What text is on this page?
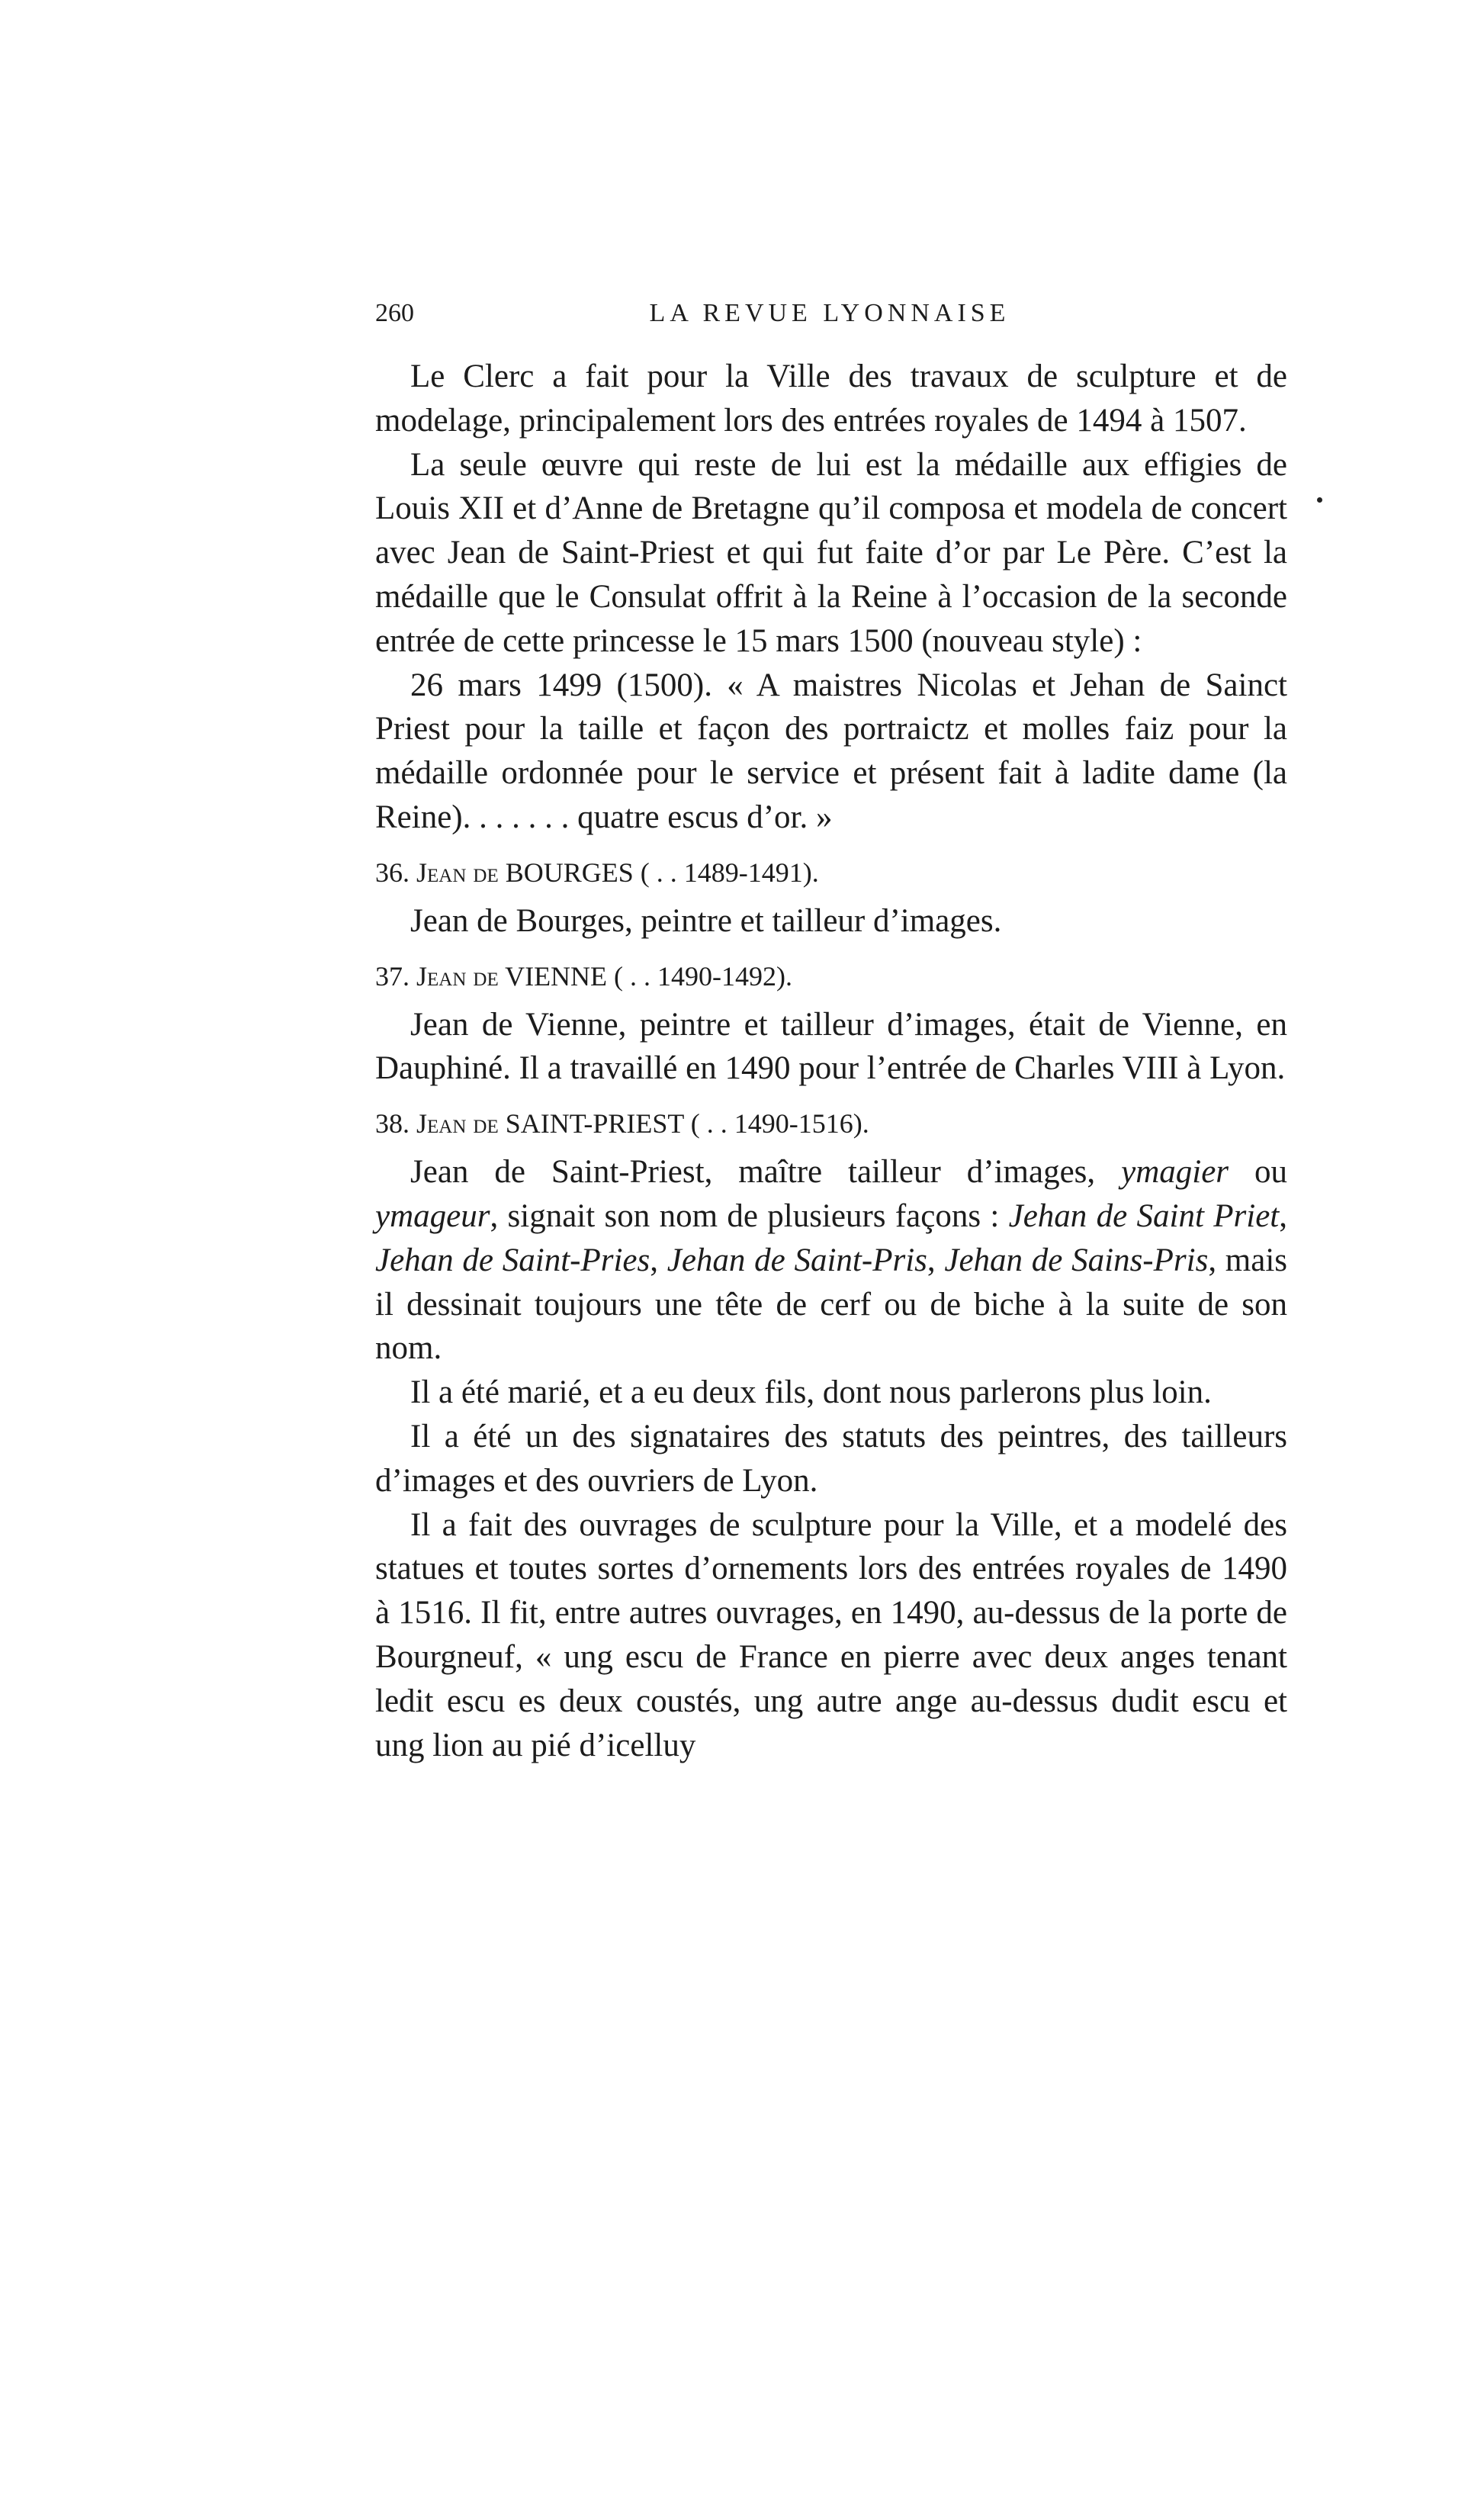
260	LA REVUE LYONNAISE

Le Clerc a fait pour la Ville des travaux de sculpture et de modelage, principalement lors des entrées royales de 1494 à 1507.

La seule œuvre qui reste de lui est la médaille aux effigies de Louis XII et d’Anne de Bretagne qu’il composa et modela de concert avec Jean de Saint-Priest et qui fut faite d’or par Le Père. C’est la médaille que le Consulat offrit à la Reine à l’occasion de la seconde entrée de cette princesse le 15 mars 1500 (nouveau style) :

26 mars 1499 (1500). « A maistres Nicolas et Jehan de Sainct Priest pour la taille et façon des portraictz et molles faiz pour la médaille ordonnée pour le service et présent fait à ladite dame (la Reine). . . . . . . quatre escus d’or. »

36. Jean de BOURGES ( . . 1489-1491).

Jean de Bourges, peintre et tailleur d’images.

37. Jean de VIENNE ( . . 1490-1492).

Jean de Vienne, peintre et tailleur d’images, était de Vienne, en Dauphiné. Il a travaillé en 1490 pour l’entrée de Charles VIII à Lyon.

38. Jean de SAINT-PRIEST ( . . 1490-1516).

Jean de Saint-Priest, maître tailleur d’images, ymagier ou ymageur, signait son nom de plusieurs façons : Jehan de Saint Priet, Jehan de Saint-Pries, Jehan de Saint-Pris, Jehan de Sains-Pris, mais il dessinait toujours une tête de cerf ou de biche à la suite de son nom.

Il a été marié, et a eu deux fils, dont nous parlerons plus loin.

Il a été un des signataires des statuts des peintres, des tailleurs d’images et des ouvriers de Lyon.

Il a fait des ouvrages de sculpture pour la Ville, et a modelé des statues et toutes sortes d’ornements lors des entrées royales de 1490 à 1516. Il fit, entre autres ouvrages, en 1490, au-dessus de la porte de Bourgneuf, « ung escu de France en pierre avec deux anges tenant ledit escu es deux coustés, ung autre ange au-dessus dudit escu et ung lion au pié d’icelluy
